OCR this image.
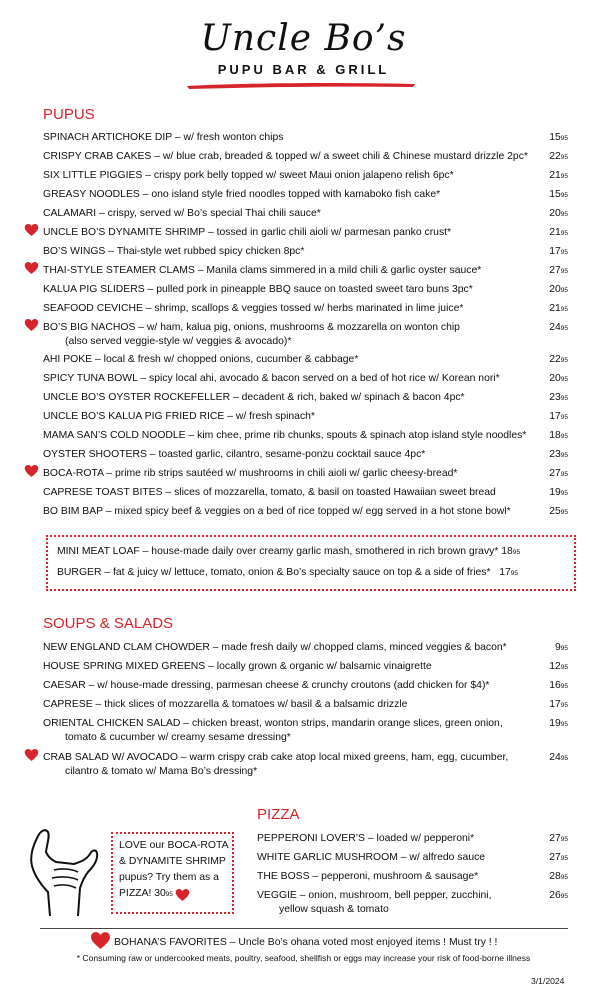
Uncle Bo’s
PUPU BAR & GRILL
PUPUS
SPINACH ARTICHOKE DIP – w/ fresh wonton chips	1595
CRISPY CRAB CAKES – w/ blue crab, breaded & topped w/ a sweet chili & Chinese mustard drizzle 2pc*	2295
SIX LITTLE PIGGIES – crispy pork belly topped w/ sweet Maui onion jalapeno relish 6pc*	2195
GREASY NOODLES – ono island style fried noodles topped with kamaboko fish cake*	1595
CALAMARI – crispy, served w/ Bo’s special Thai chili sauce*	2095
UNCLE BO’S DYNAMITE SHRIMP – tossed in garlic chili aioli w/ parmesan panko crust*	2195
BO’S WINGS – Thai-style wet rubbed spicy chicken 8pc*	1795
THAI-STYLE STEAMER CLAMS – Manila clams simmered in a mild chili & garlic oyster sauce*	2795
KALUA PIG SLIDERS – pulled pork in pineapple BBQ sauce on toasted sweet taro buns 3pc*	2095
SEAFOOD CEVICHE – shrimp, scallops & veggies tossed w/ herbs marinated in lime juice*	2195
BO’S BIG NACHOS – w/ ham, kalua pig, onions, mushrooms & mozzarella on wonton chip	2495
(also served veggie-style w/ veggies & avocado)*
AHI POKE – local & fresh w/ chopped onions, cucumber & cabbage*	2295
SPICY TUNA BOWL – spicy local ahi, avocado & bacon served on a bed of hot rice w/ Korean nori*	2095
UNCLE BO’S OYSTER ROCKEFELLER – decadent & rich, baked w/ spinach & bacon 4pc*	2395
UNCLE BO’S KALUA PIG FRIED RICE – w/ fresh spinach*	1795
MAMA SAN’S COLD NOODLE – kim chee, prime rib chunks, spouts & spinach atop island style noodles*	1895
OYSTER SHOOTERS – toasted garlic, cilantro, sesame-ponzu cocktail sauce 4pc*	2395
BOCA-ROTA – prime rib strips sautéed w/ mushrooms in chili aioli w/ garlic cheesy-bread*	2795
CAPRESE TOAST BITES – slices of mozzarella, tomato, & basil on toasted Hawaiian sweet bread	1995
BO BIM BAP – mixed spicy beef & veggies on a bed of rice topped w/ egg served in a hot stone bowl*	2595
MINI MEAT LOAF – house-made daily over creamy garlic mash, smothered in rich brown gravy* 1895
BURGER – fat & juicy w/ lettuce, tomato, onion & Bo’s specialty sauce on top & a side of fries* 1795
SOUPS & SALADS
NEW ENGLAND CLAM CHOWDER – made fresh daily w/ chopped clams, minced veggies & bacon*	995
HOUSE SPRING MIXED GREENS – locally grown & organic w/ balsamic vinaigrette	1295
CAESAR – w/ house-made dressing, parmesan cheese & crunchy croutons (add chicken for $4)*	1695
CAPRESE – thick slices of mozzarella & tomatoes w/ basil & a balsamic drizzle	1795
ORIENTAL CHICKEN SALAD – chicken breast, wonton strips, mandarin orange slices, green onion,	1995
tomato & cucumber w/ creamy sesame dressing*
CRAB SALAD W/ AVOCADO – warm crispy crab cake atop local mixed greens, ham, egg, cucumber,	2495
cilantro & tomato w/ Mama Bo’s dressing*
LOVE our BOCA-ROTA
& DYNAMITE SHRIMP
pupus? Try them as a
PIZZA! 3095
PIZZA
PEPPERONI LOVER’S – loaded w/ pepperoni*	2795
WHITE GARLIC MUSHROOM – w/ alfredo sauce	2795
THE BOSS – pepperoni, mushroom & sausage*	2895
VEGGIE – onion, mushroom, bell pepper, zucchini,	2695
yellow squash & tomato
BOHANA’S FAVORITES – Uncle Bo’s ohana voted most enjoyed items ! Must try ! !
* Consuming raw or undercooked meats, poultry, seafood, shellfish or eggs may increase your risk of food-borne illness
3/1/2024
